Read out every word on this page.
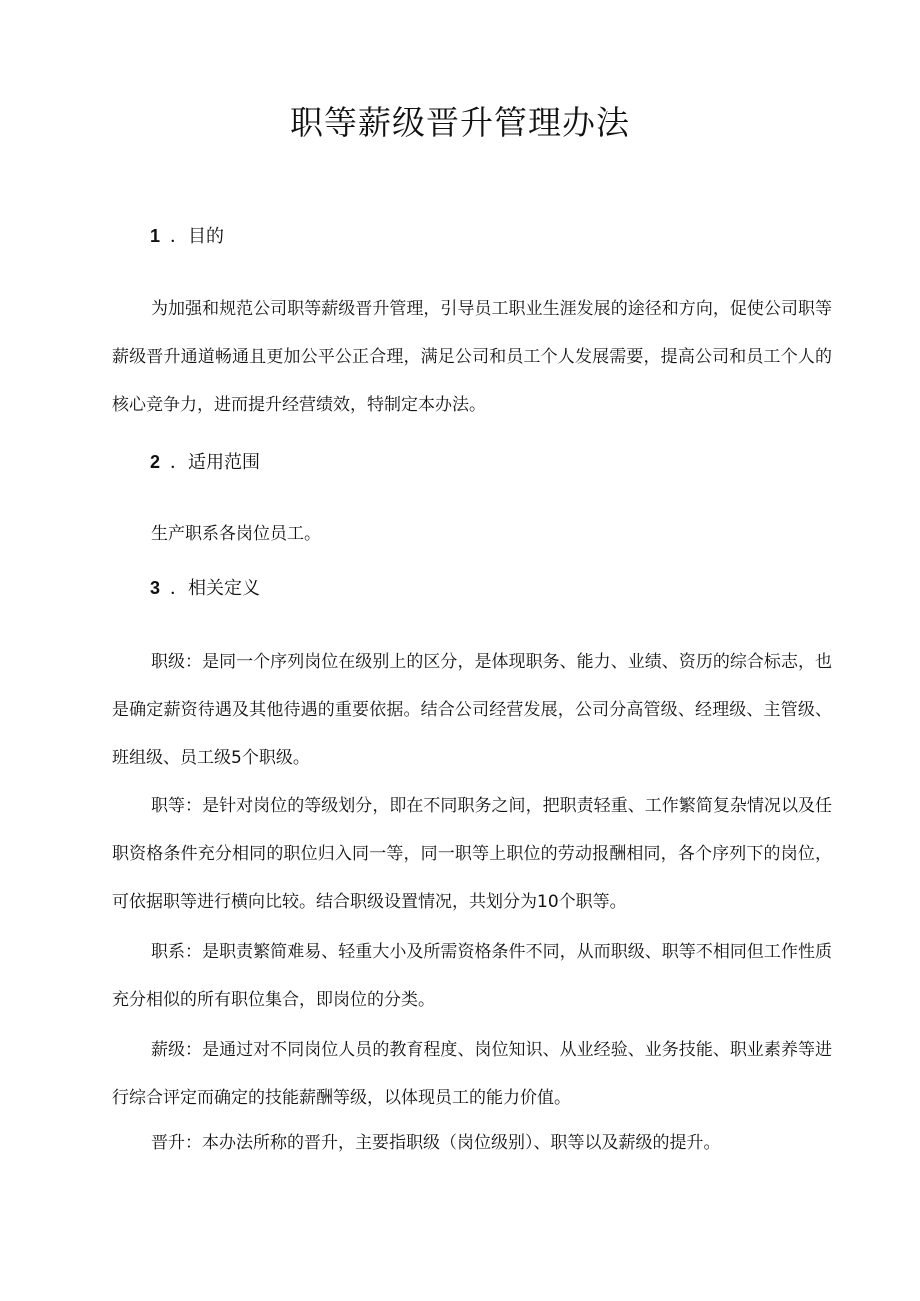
职等薪级晋升管理办法
1 ．目的
为加强和规范公司职等薪级晋升管理，引导员工职业生涯发展的途径和方向，促使公司职等薪级晋升通道畅通且更加公平公正合理，满足公司和员工个人发展需要，提高公司和员工个人的核心竞争力，进而提升经营绩效，特制定本办法。
2 ．适用范围
生产职系各岗位员工。
3 ．相关定义
职级：是同一个序列岗位在级别上的区分，是体现职务、能力、业绩、资历的综合标志，也是确定薪资待遇及其他待遇的重要依据。结合公司经营发展，公司分高管级、经理级、主管级、班组级、员工级5个职级。
职等：是针对岗位的等级划分，即在不同职务之间，把职责轻重、工作繁简复杂情况以及任职资格条件充分相同的职位归入同一等，同一职等上职位的劳动报酬相同，各个序列下的岗位，可依据职等进行横向比较。结合职级设置情况，共划分为10个职等。
职系：是职责繁简难易、轻重大小及所需资格条件不同，从而职级、职等不相同但工作性质充分相似的所有职位集合，即岗位的分类。
薪级：是通过对不同岗位人员的教育程度、岗位知识、从业经验、业务技能、职业素养等进行综合评定而确定的技能薪酬等级，以体现员工的能力价值。
晋升：本办法所称的晋升，主要指职级（岗位级别）、职等以及薪级的提升。
